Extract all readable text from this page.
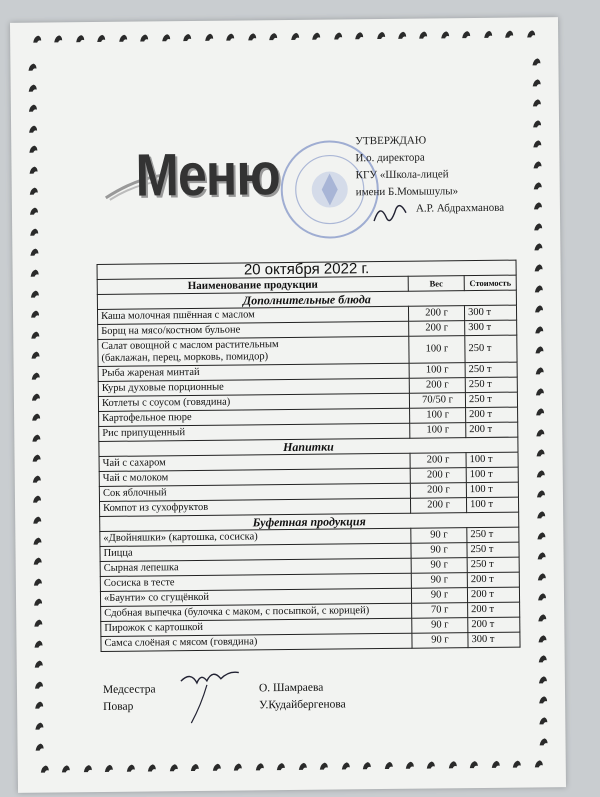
Меню
УТВЕРЖДАЮ
И.о. директора
КГУ «Школа-лицей
имени Б.Момышулы»
А.Р. Абдрахманова
20 октября 2022 г.		
Наименование продукции	Вес	Стоимость
Дополнительные блюда		

Каша молочная пшённая с маслом	200 г	300 т

Борщ на мясо/костном бульоне	200 г	300 т

Салат овощной с маслом растительным
(баклажан, перец, морковь, помидор)	100 г	250 т

Рыба жареная минтай	100 г	250 т

Куры духовые порционные	200 г	250 т

Котлеты с соусом (говядина)	70/50 г	250 т

Картофельное пюре	100 г	200 т

Рис припущенный	100 г	200 т
Напитки		

Чай с сахаром	200 г	100 т

Чай с молоком	200 г	100 т

Сок яблочный	200 г	100 т

Компот из сухофруктов	200 г	100 т
Буфетная продукция		

«Двойняшки» (картошка, сосиска)	90 г	250 т

Пицца	90 г	250 т

Сырная лепешка	90 г	250 т

Сосиска в тесте	90 г	200 т

«Баунти» со сгущёнкой	90 г	200 т

Сдобная выпечка (булочка с маком, с посыпкой, с корицей)	70 г	200 т

Пирожок с картошкой	90 г	200 т

Самса слоёная с мясом (говядина)	90 г	300 т
Медсестра
Повар
О. Шамраева
У.Кудайбергенова
